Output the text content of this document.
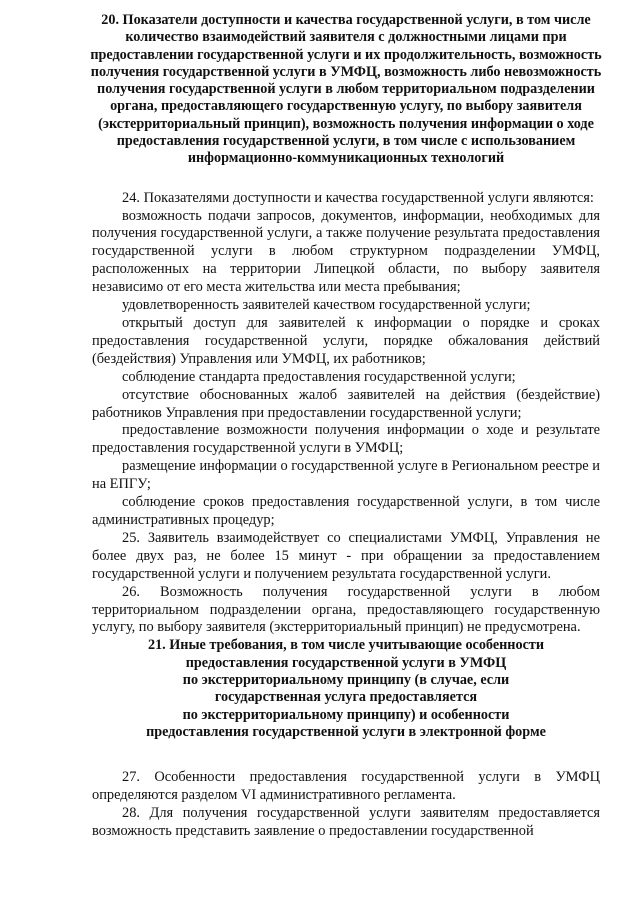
20. Показатели доступности и качества государственной услуги, в том числе количество взаимодействий заявителя с должностными лицами при предоставлении государственной услуги и их продолжительность, возможность получения государственной услуги в УМФЦ, возможность либо невозможность получения государственной услуги в любом территориальном подразделении органа, предоставляющего государственную услугу, по выбору заявителя (экстерриториальный принцип), возможность получения информации о ходе предоставления государственной услуги, в том числе с использованием информационно-коммуникационных технологий

24. Показателями доступности и качества государственной услуги являются:

возможность подачи запросов, документов, информации, необходимых для получения государственной услуги, а также получение результата предоставления государственной услуги в любом структурном подразделении УМФЦ, расположенных на территории Липецкой области, по выбору заявителя независимо от его места жительства или места пребывания;

удовлетворенность заявителей качеством государственной услуги;

открытый доступ для заявителей к информации о порядке и сроках предоставления государственной услуги, порядке обжалования действий (бездействия) Управления или УМФЦ, их работников;

соблюдение стандарта предоставления государственной услуги;

отсутствие обоснованных жалоб заявителей на действия (бездействие) работников Управления при предоставлении государственной услуги;

предоставление возможности получения информации о ходе и результате предоставления государственной услуги в УМФЦ;

размещение информации о государственной услуге в Региональном реестре и на ЕПГУ;

соблюдение сроков предоставления государственной услуги, в том числе административных процедур;

25. Заявитель взаимодействует со специалистами УМФЦ, Управления не более двух раз, не более 15 минут - при обращении за предоставлением государственной услуги и получением результата государственной услуги.

26. Возможность получения государственной услуги в любом территориальном подразделении органа, предоставляющего государственную услугу, по выбору заявителя (экстерриториальный принцип) не предусмотрена.

21. Иные требования, в том числе учитывающие особенности
предоставления государственной услуги в УМФЦ
по экстерриториальному принципу (в случае, если
государственная услуга предоставляется
по экстерриториальному принципу) и особенности
предоставления государственной услуги в электронной форме

27. Особенности предоставления государственной услуги в УМФЦ определяются разделом VI административного регламента.

28. Для получения государственной услуги заявителям предоставляется возможность представить заявление о предоставлении государственной
